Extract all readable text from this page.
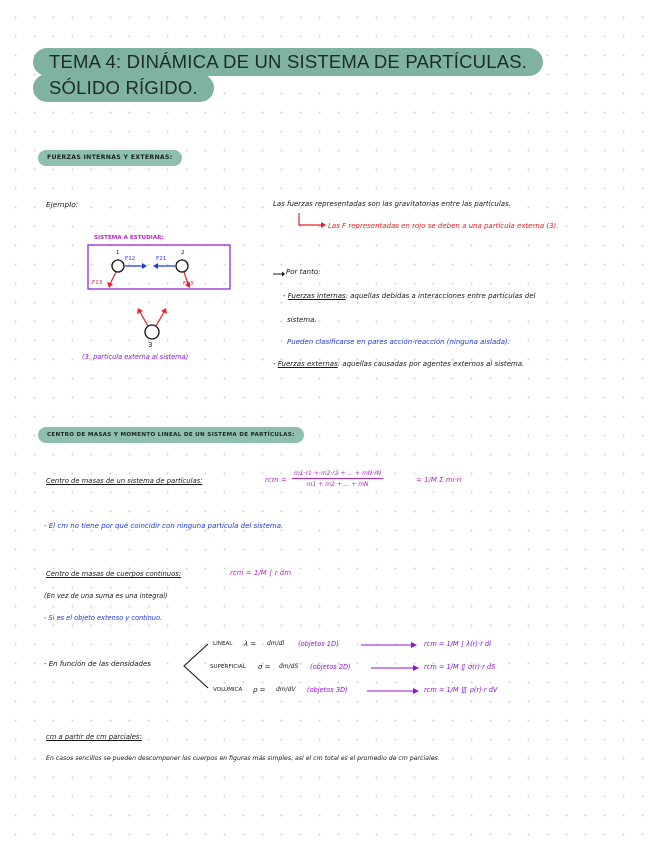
TEMA 4: DINÁMICA DE UN SISTEMA DE PARTÍCULAS.
SÓLIDO RÍGIDO.
FUERZAS INTERNAS Y EXTERNAS:
Ejemplo:
SISTEMA A ESTUDIAR:
1	2
F12	F21
F13	F23
3
(3: partícula externa al sistema)
Las fuerzas representadas son las gravitatorias entre las partículas.
Las F representadas en rojo se deben a una partícula externa (3).
Por tanto:
- Fuerzas internas: aquellas debidas a interacciones entre partículas del
sistema.
Pueden clasificarse en pares acción-reacción (ninguna aislada).
- Fuerzas externas: aquellas causadas por agentes externos al sistema.
CENTRO DE MASAS Y MOMENTO LINEAL DE UN SISTEMA DE PARTÍCULAS:
Centro de masas de un sistema de partículas:	rcm = $\frac{m1\cdot r1 + m2\cdot r2 + ... + mN\cdot rN}{m1 + m2 + ... + mN}$	= 1/M Σ mi·ri
- El cm no tiene por qué coincidir con ninguna partícula del sistema.
Centro de masas de cuerpos continuos:	rcm = 1/M ∫ r dm
(En vez de una suma es una integral)
- Si es el objeto extenso y continuo.
- En función de las densidades
LINEAL λ = dm/dl (objetos 1D)	rcm = 1/M ∫ λ(r)·r dl
SUPERFICIAL σ = dm/dS (objetos 2D)	rcm = 1/M ∬ σ(r)·r dS
VOLÚMICA ρ = dm/dV (objetos 3D)	rcm = 1/M ∭ ρ(r)·r dV
cm a partir de cm parciales:
En casos sencillos se pueden descomponer los cuerpos en figuras más simples, así el cm total es el promedio de cm parciales.
